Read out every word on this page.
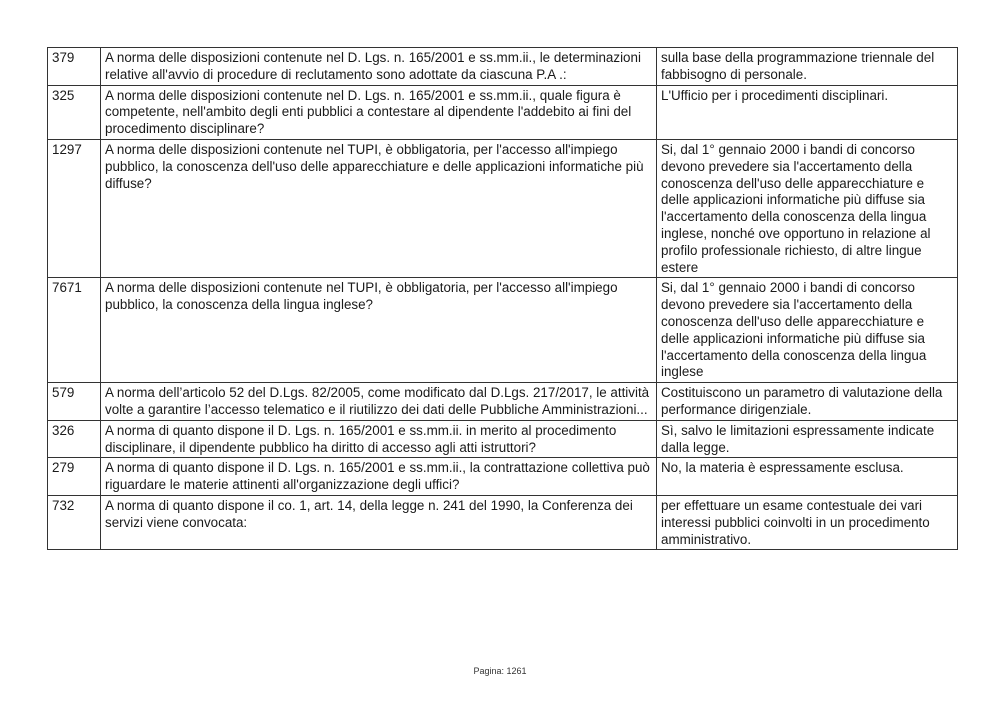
379	A norma delle disposizioni contenute nel D. Lgs. n. 165/2001 e ss.mm.ii., le determinazioni relative all'avvio di procedure di reclutamento sono adottate da ciascuna P.A .:	sulla base della programmazione triennale del fabbisogno di personale.
325	A norma delle disposizioni contenute nel D. Lgs. n. 165/2001 e ss.mm.ii., quale figura è competente, nell'ambito degli enti pubblici a contestare al dipendente l'addebito ai fini del procedimento disciplinare?	L'Ufficio per i procedimenti disciplinari.
1297	A norma delle disposizioni contenute nel TUPI, è obbligatoria, per l'accesso all'impiego pubblico, la conoscenza dell'uso delle apparecchiature e delle applicazioni informatiche più diffuse?	Si, dal 1° gennaio 2000 i bandi di concorso devono prevedere sia l'accertamento della conoscenza dell'uso delle apparecchiature e delle applicazioni informatiche più diffuse sia l'accertamento della conoscenza della lingua inglese, nonché ove opportuno in relazione al profilo professionale richiesto, di altre lingue estere
7671	A norma delle disposizioni contenute nel TUPI, è obbligatoria, per l'accesso all'impiego pubblico, la conoscenza della lingua inglese?	Si, dal 1° gennaio 2000 i bandi di concorso devono prevedere sia l'accertamento della conoscenza dell'uso delle apparecchiature e delle applicazioni informatiche più diffuse sia l'accertamento della conoscenza della lingua inglese
579	A norma dell’articolo 52 del D.Lgs. 82/2005, come modificato dal D.Lgs. 217/2017, le attività volte a garantire l’accesso telematico e il riutilizzo dei dati delle Pubbliche Amministrazioni...	Costituiscono un parametro di valutazione della performance dirigenziale.
326	A norma di quanto dispone il D. Lgs. n. 165/2001 e ss.mm.ii. in merito al procedimento disciplinare, il dipendente pubblico ha diritto di accesso agli atti istruttori?	Sì, salvo le limitazioni espressamente indicate dalla legge.
279	A norma di quanto dispone il D. Lgs. n. 165/2001 e ss.mm.ii., la contrattazione collettiva può riguardare le materie attinenti all'organizzazione degli uffici?	No, la materia è espressamente esclusa.
732	A norma di quanto dispone il co. 1, art. 14, della legge n. 241 del 1990, la Conferenza dei servizi viene convocata:	per effettuare un esame contestuale dei vari interessi pubblici coinvolti in un procedimento amministrativo.
Pagina: 1261
